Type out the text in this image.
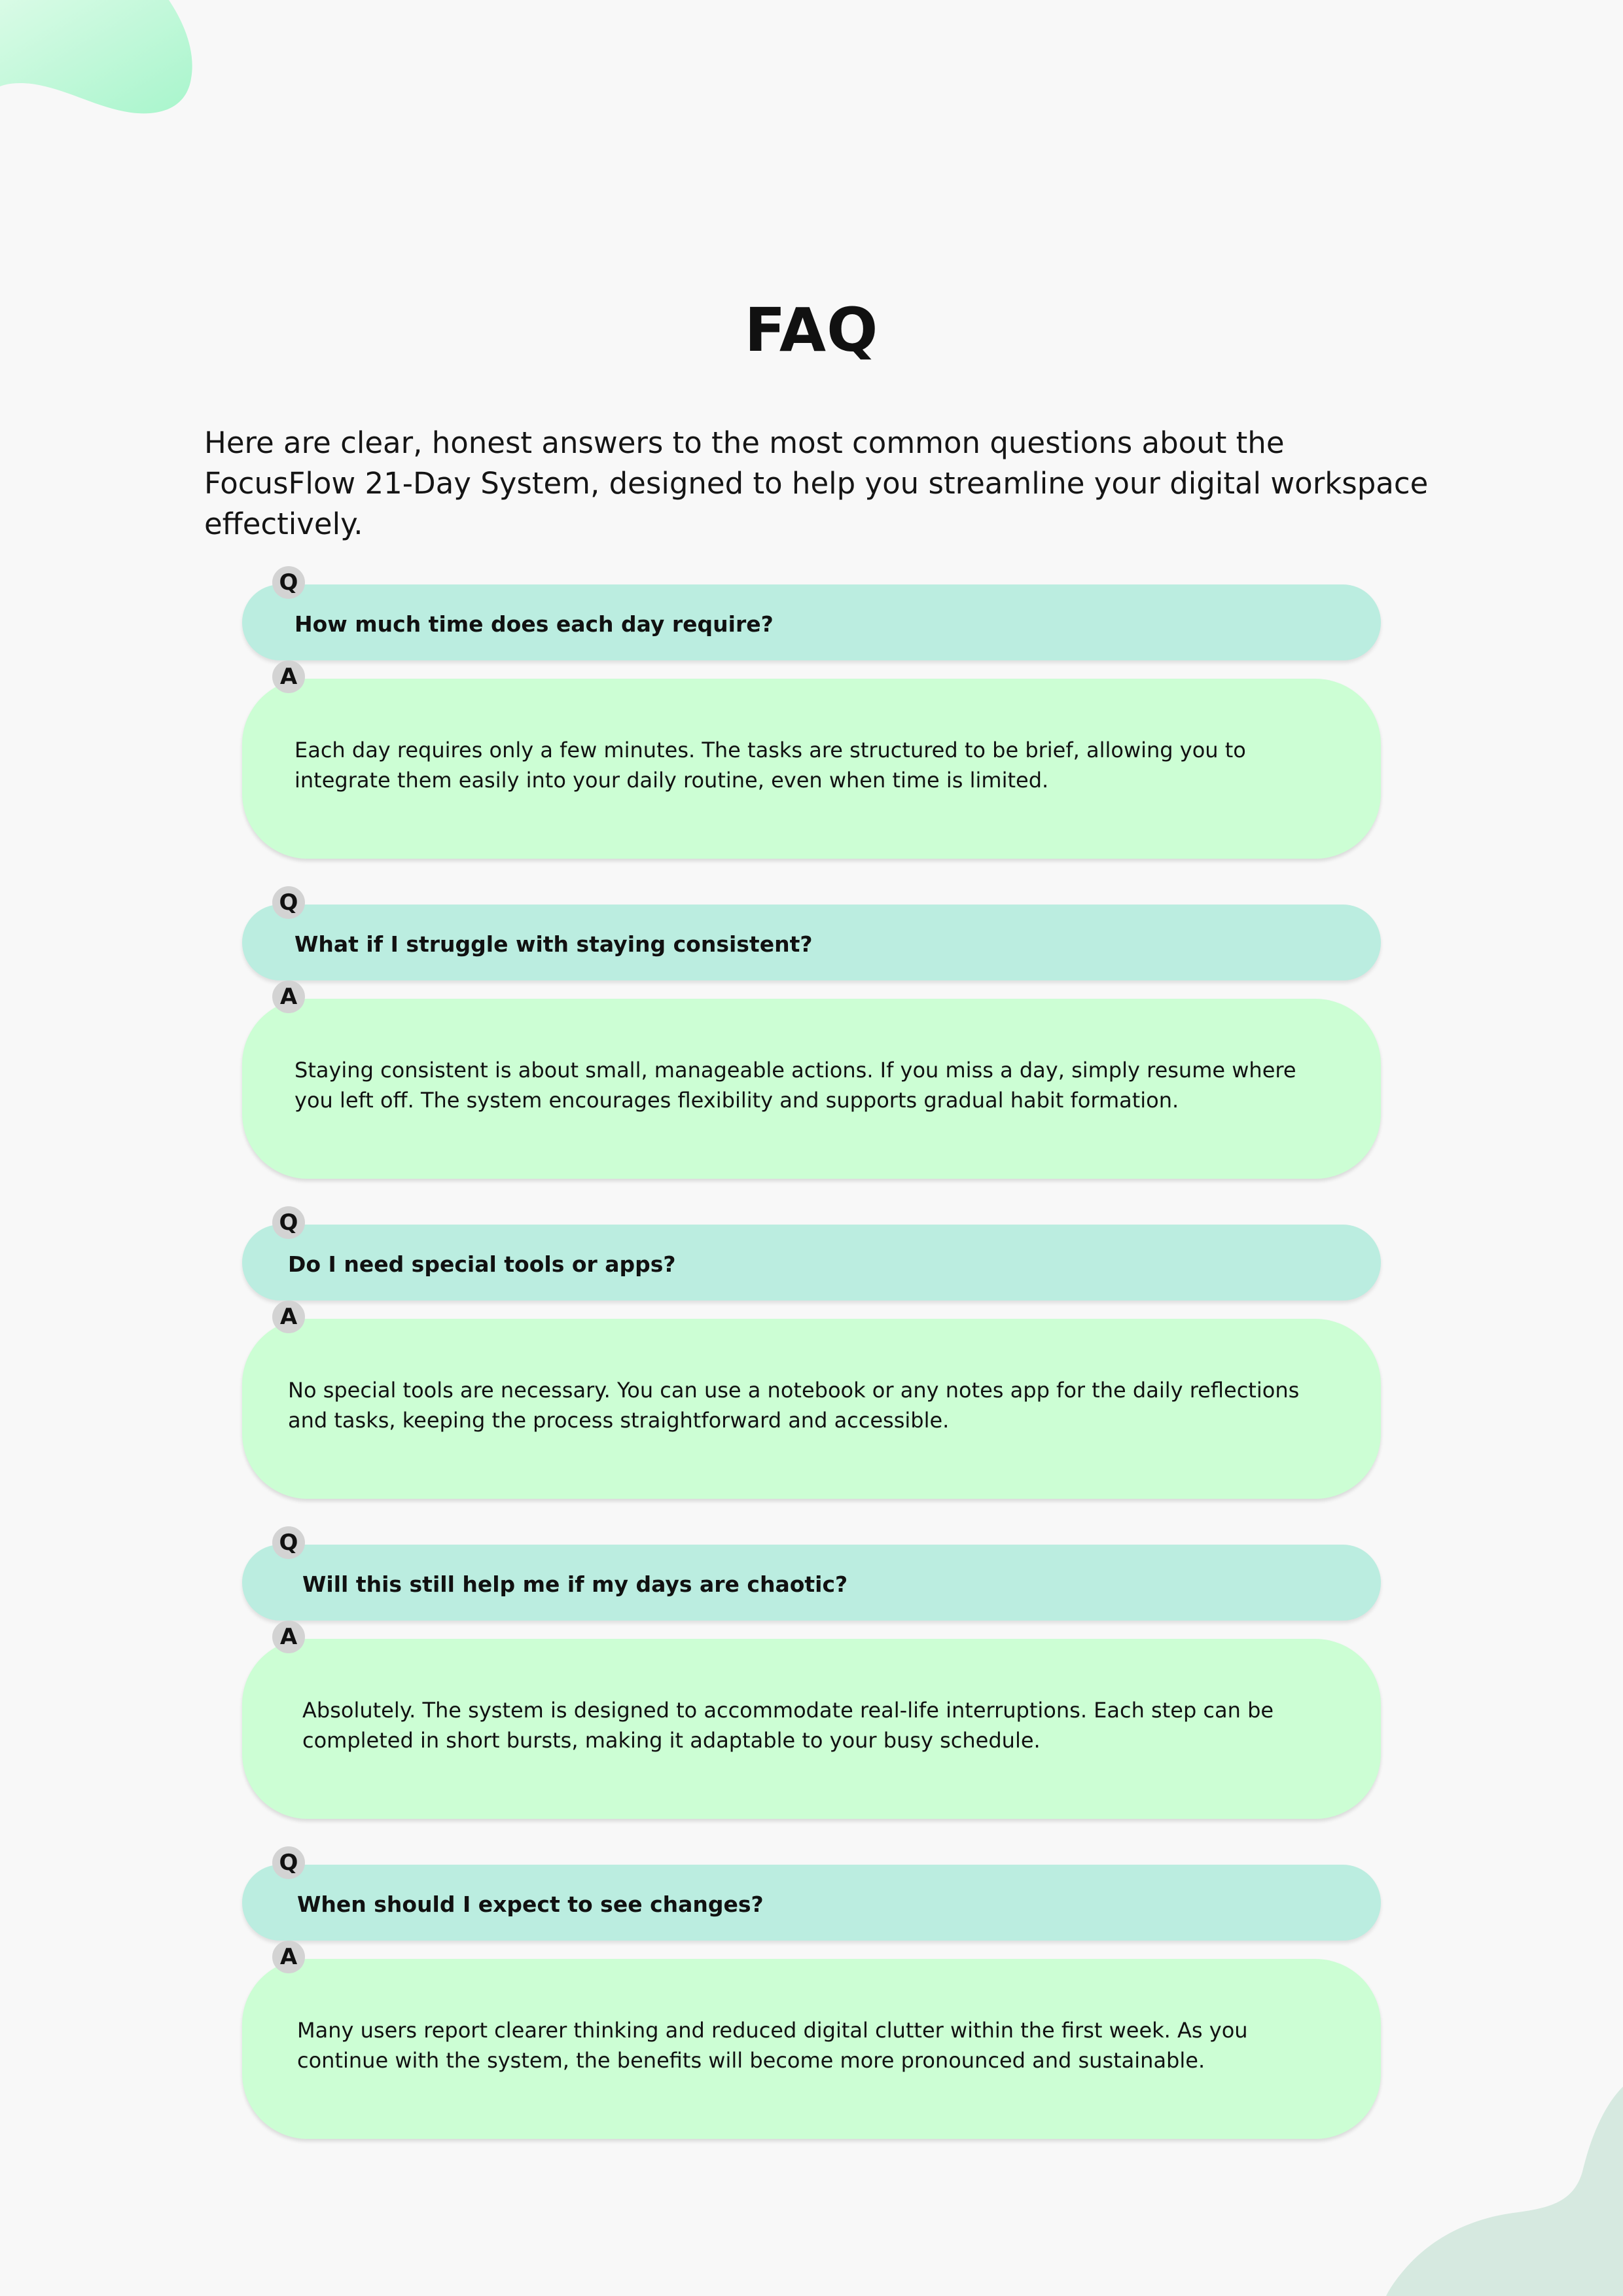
FAQ

Here are clear, honest answers to the most common questions about the FocusFlow 21-Day System, designed to help you streamline your digital workspace effectively.

How much time does each day require?

Each day requires only a few minutes. The tasks are structured to be brief, allowing you to integrate them easily into your daily routine, even when time is limited.

Q
A
What if I struggle with staying consistent?

Staying consistent is about small, manageable actions. If you miss a day, simply resume where you left off. The system encourages flexibility and supports gradual habit formation.

Q
A
Do I need special tools or apps?

No special tools are necessary. You can use a notebook or any notes app for the daily reflections and tasks, keeping the process straightforward and accessible.

Q
A
Will this still help me if my days are chaotic?

Absolutely. The system is designed to accommodate real-life interruptions. Each step can be completed in short bursts, making it adaptable to your busy schedule.

Q
A
When should I expect to see changes?

Many users report clearer thinking and reduced digital clutter within the first week. As you continue with the system, the benefits will become more pronounced and sustainable.

Q
A
